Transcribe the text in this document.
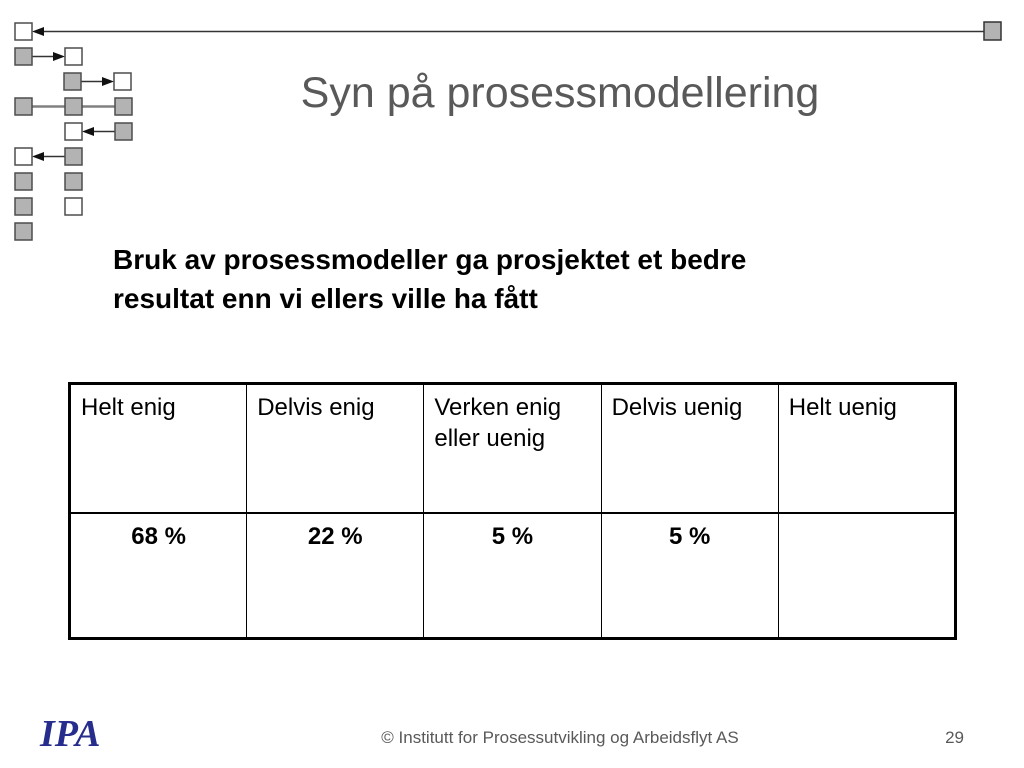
Syn på prosessmodellering
Bruk av prosessmodeller ga prosjektet et bedre
resultat enn vi ellers ville ha fått
Helt enig	Delvis enig	Verken enig eller uenig	Delvis uenig	Helt uenig
68 %	22 %	5 %	5 %	
IPA	© Institutt for Prosessutvikling og Arbeidsflyt AS	29
